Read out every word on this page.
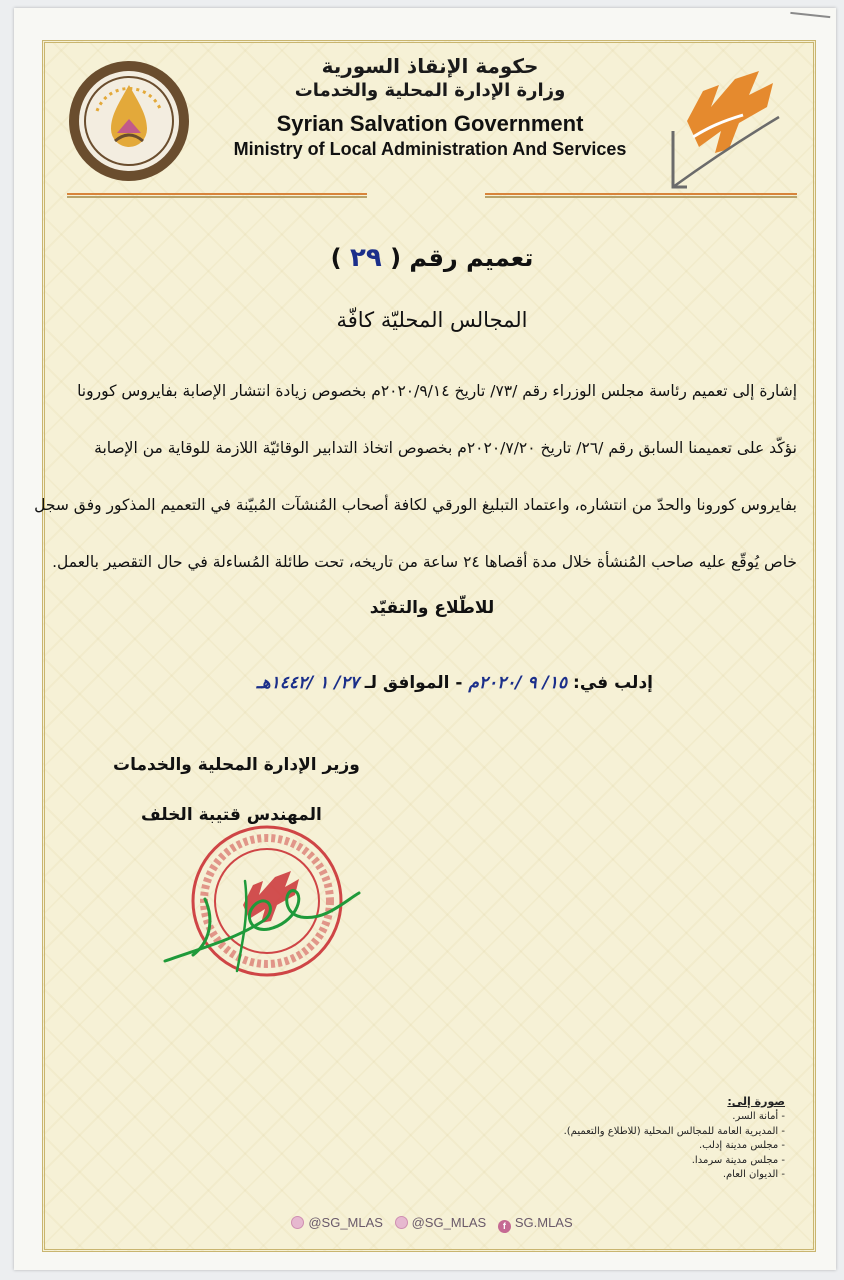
حكومة الإنقاذ السورية
وزارة الإدارة المحلية والخدمات
Syrian Salvation Government
Ministry of Local Administration And Services
تعميم رقم ( ٢٩ )
المجالس المحليّة كافّة

إشارة إلى تعميم رئاسة مجلس الوزراء رقم /٧٣/ تاريخ ٢٠٢٠/٩/١٤م بخصوص زيادة انتشار الإصابة بفايروس كورونا

نؤكّد على تعميمنا السابق رقم /٢٦/ تاريخ ٢٠٢٠/٧/٢٠م بخصوص اتخاذ التدابير الوقائيّة اللازمة للوقاية من الإصابة

بفايروس كورونا والحدّ من انتشاره، واعتماد التبليغ الورقي لكافة أصحاب المُنشآت المُبيّنة في التعميم المذكور وفق سجل

خاص يُوقّع عليه صاحب المُنشأة خلال مدة أقصاها ٢٤ ساعة من تاريخه، تحت طائلة المُساءلة في حال التقصير بالعمل.

للاطّلاع والتقيّد
إدلب في: ١٥/ ٩ /٢٠٢٠م - الموافق لـ ٢٧/ ١ /١٤٤٢هـ
وزير الإدارة المحلية والخدمات
المهندس قتيبة الخلف
صورة إلى:
- أمانة السر.
- المديرية العامة للمجالس المحلية (للاطلاع والتعميم).
- مجلس مدينة إدلب.
- مجلس مدينة سرمدا.
- الديوان العام.
@SG_MLAS @SG_MLAS f SG.MLAS
